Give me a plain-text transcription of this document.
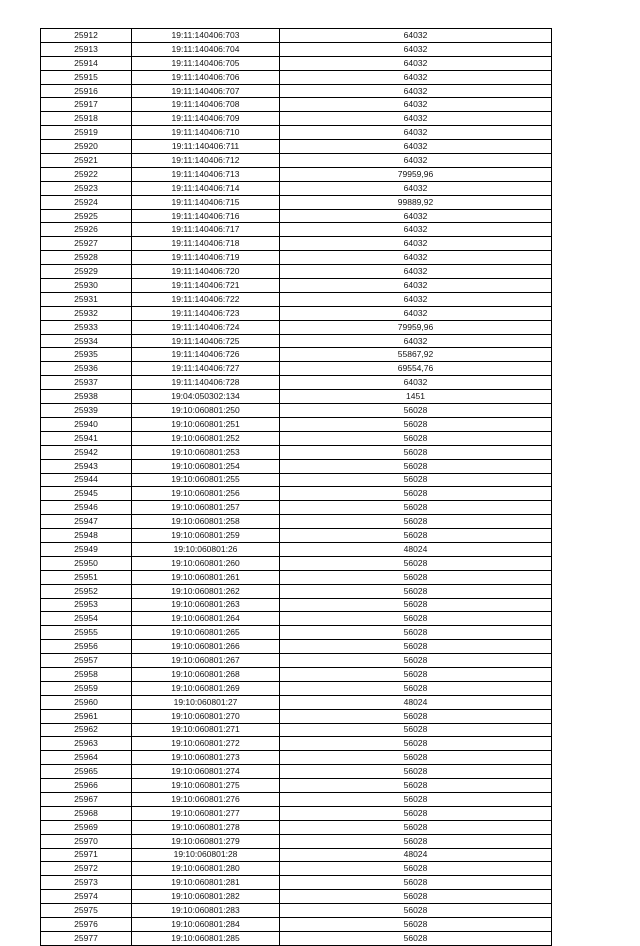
25912	19:11:140406:703	64032
25913	19:11:140406:704	64032
25914	19:11:140406:705	64032
25915	19:11:140406:706	64032
25916	19:11:140406:707	64032
25917	19:11:140406:708	64032
25918	19:11:140406:709	64032
25919	19:11:140406:710	64032
25920	19:11:140406:711	64032
25921	19:11:140406:712	64032
25922	19:11:140406:713	79959,96
25923	19:11:140406:714	64032
25924	19:11:140406:715	99889,92
25925	19:11:140406:716	64032
25926	19:11:140406:717	64032
25927	19:11:140406:718	64032
25928	19:11:140406:719	64032
25929	19:11:140406:720	64032
25930	19:11:140406:721	64032
25931	19:11:140406:722	64032
25932	19:11:140406:723	64032
25933	19:11:140406:724	79959,96
25934	19:11:140406:725	64032
25935	19:11:140406:726	55867,92
25936	19:11:140406:727	69554,76
25937	19:11:140406:728	64032
25938	19:04:050302:134	1451
25939	19:10:060801:250	56028
25940	19:10:060801:251	56028
25941	19:10:060801:252	56028
25942	19:10:060801:253	56028
25943	19:10:060801:254	56028
25944	19:10:060801:255	56028
25945	19:10:060801:256	56028
25946	19:10:060801:257	56028
25947	19:10:060801:258	56028
25948	19:10:060801:259	56028
25949	19:10:060801:26	48024
25950	19:10:060801:260	56028
25951	19:10:060801:261	56028
25952	19:10:060801:262	56028
25953	19:10:060801:263	56028
25954	19:10:060801:264	56028
25955	19:10:060801:265	56028
25956	19:10:060801:266	56028
25957	19:10:060801:267	56028
25958	19:10:060801:268	56028
25959	19:10:060801:269	56028
25960	19:10:060801:27	48024
25961	19:10:060801:270	56028
25962	19:10:060801:271	56028
25963	19:10:060801:272	56028
25964	19:10:060801:273	56028
25965	19:10:060801:274	56028
25966	19:10:060801:275	56028
25967	19:10:060801:276	56028
25968	19:10:060801:277	56028
25969	19:10:060801:278	56028
25970	19:10:060801:279	56028
25971	19:10:060801:28	48024
25972	19:10:060801:280	56028
25973	19:10:060801:281	56028
25974	19:10:060801:282	56028
25975	19:10:060801:283	56028
25976	19:10:060801:284	56028
25977	19:10:060801:285	56028
